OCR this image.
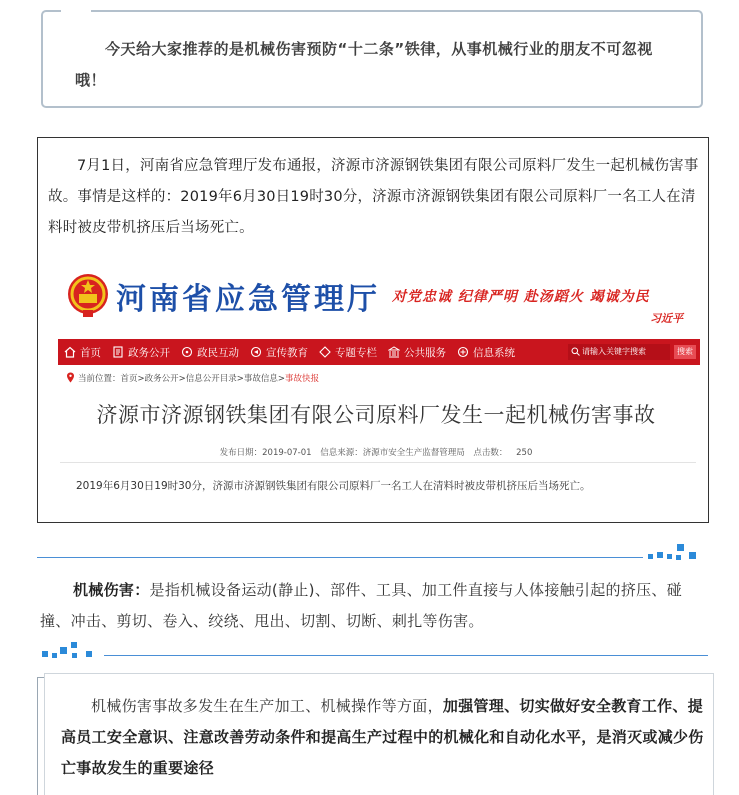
今天给大家推荐的是机械伤害预防“十二条”铁律，从事机械行业的朋友不可忽视哦！

7月1日，河南省应急管理厅发布通报，济源市济源钢铁集团有限公司原料厂发生一起机械伤害事故。事情是这样的：2019年6月30日19时30分，济源市济源钢铁集团有限公司原料厂一名工人在清料时被皮带机挤压后当场死亡。

河南省应急管理厅 对党忠诚 纪律严明 赴汤蹈火 竭诚为民
习近平
首页	政务公开	政民互动	宣传教育	专题专栏	公共服务	信息系统	请输入关键字搜索	搜索
当前位置：首页>政务公开>信息公开目录>事故信息>事故快报
济源市济源钢铁集团有限公司原料厂发生一起机械伤害事故
发布日期：2019-07-01 信息来源：济源市安全生产监督管理局 点击数： 250
2019年6月30日19时30分，济源市济源钢铁集团有限公司原料厂一名工人在清料时被皮带机挤压后当场死亡。

机械伤害：是指机械设备运动(静止)、部件、工具、加工件直接与人体接触引起的挤压、碰撞、冲击、剪切、卷入、绞绕、甩出、切割、切断、刺扎等伤害。

机械伤害事故多发生在生产加工、机械操作等方面，加强管理、切实做好安全教育工作、提高员工安全意识、注意改善劳动条件和提高生产过程中的机械化和自动化水平，是消灭或减少伤亡事故发生的重要途径
